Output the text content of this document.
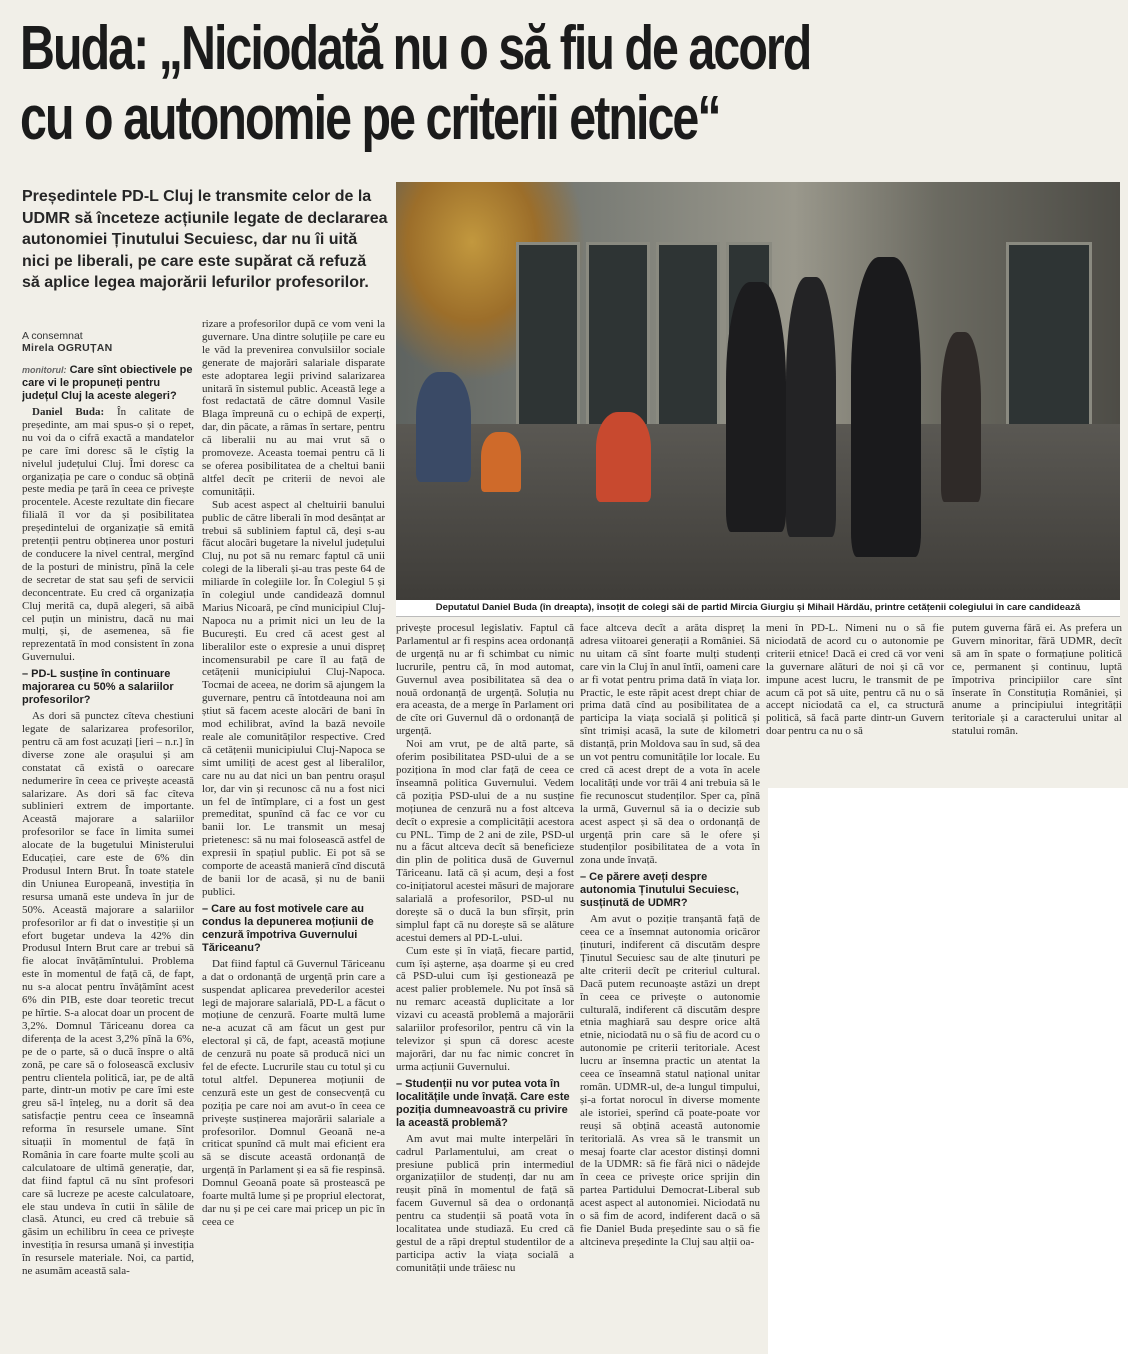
Buda: „Niciodată nu o să fiu de acord
cu o autonomie pe criterii etnice“
Președintele PD-L Cluj le transmite celor de la UDMR să înceteze acțiunile legate de declararea autonomiei Ținutului Secuiesc, dar nu îi uită nici pe liberali, pe care este supărat că refuză să aplice legea majorării lefurilor profesorilor.
Deputatul Daniel Buda (în dreapta), însoțit de colegi săi de partid Mircia Giurgiu și Mihail Hărdău, printre cetățenii colegiului în care candidează
A consemnat
Mirela OGRUȚAN

monitorul: Care sînt obiectivele pe care vi le propuneți pentru județul Cluj la aceste alegeri?

Daniel Buda: În calitate de președinte, am mai spus-o și o repet, nu voi da o cifră exactă a mandatelor pe care îmi doresc să le cîștig la nivelul județului Cluj. Îmi doresc ca organizația pe care o conduc să obțină peste media pe țară în ceea ce privește procentele. Aceste rezultate din fiecare filială îl vor da și posibilitatea președintelui de organizație să emită pretenții pentru obținerea unor posturi de conducere la nivel central, mergînd de la posturi de ministru, pînă la cele de secretar de stat sau șefi de servicii deconcentrate. Eu cred că organizația Cluj merită ca, după alegeri, să aibă cel puțin un ministru, dacă nu mai mulți, și, de asemenea, să fie reprezentată în mod consistent în zona Guvernului.

– PD-L susține în continuare majorarea cu 50% a salariilor profesorilor?

As dori să punctez cîteva chestiuni legate de salarizarea profesorilor, pentru că am fost acuzați [ieri – n.r.] în diverse zone ale orașului și am constatat că există o oarecare nedumerire în ceea ce privește această salarizare. As dori să fac cîteva sublinieri extrem de importante. Această majorare a salariilor profesorilor se face în limita sumei alocate de la bugetului Ministerului Educației, care este de 6% din Produsul Intern Brut. În toate statele din Uniunea Europeană, investiția în resursa umană este undeva în jur de 50%. Această majorare a salariilor profesorilor ar fi dat o investiție și un efort bugetar undeva la 42% din Produsul Intern Brut care ar trebui să fie alocat învățămîntului. Problema este în momentul de față că, de fapt, nu s-a alocat pentru învățămînt acest 6% din PIB, este doar teoretic trecut pe hîrtie. S-a alocat doar un procent de 3,2%. Domnul Tăriceanu dorea ca diferența de la acest 3,2% pînă la 6%, pe de o parte, să o ducă înspre o altă zonă, pe care să o folosească exclusiv pentru clientela politică, iar, pe de altă parte, dintr-un motiv pe care îmi este greu să-l înțeleg, nu a dorit să dea satisfacție pentru ceea ce înseamnă reforma în resursele umane. Sînt situații în momentul de față în România în care foarte multe școli au calculatoare de ultimă generație, dar, dat fiind faptul că nu sînt profesori care să lucreze pe aceste calculatoare, ele stau undeva în cutii în sălile de clasă. Atunci, eu cred că trebuie să găsim un echilibru în ceea ce privește investiția în resursa umană și investiția în resursele materiale. Noi, ca partid, ne asumăm această sala-

rizare a profesorilor după ce vom veni la guvernare. Una dintre soluțiile pe care eu le văd la prevenirea convulsiilor sociale generate de majorări salariale disparate este adoptarea legii privind salarizarea unitară în sistemul public. Această lege a fost redactată de către domnul Vasile Blaga împreună cu o echipă de experți, dar, din păcate, a rămas în sertare, pentru că liberalii nu au mai vrut să o promoveze. Aceasta toemai pentru că li se oferea posibilitatea de a cheltui banii altfel decît pe criterii de nevoi ale comunității.

Sub acest aspect al cheltuirii banului public de către liberali în mod desănțat ar trebui să subliniem faptul că, deși s-au făcut alocări bugetare la nivelul județului Cluj, nu pot să nu remarc faptul că unii colegi de la liberali și-au tras peste 64 de miliarde în colegiile lor. În Colegiul 5 și în colegiul unde candidează domnul Marius Nicoară, pe cînd municipiul Cluj-Napoca nu a primit nici un leu de la București. Eu cred că acest gest al liberalilor este o expresie a unui dispreț incomensurabil pe care îl au față de cetățenii municipiului Cluj-Napoca. Tocmai de aceea, ne dorim să ajungem la guvernare, pentru că întotdeauna noi am știut să facem aceste alocări de bani în mod echilibrat, avînd la bază nevoile reale ale comunităților respective. Cred că cetățenii municipiului Cluj-Napoca se simt umiliți de acest gest al liberalilor, care nu au dat nici un ban pentru orașul lor, dar vin și recunosc că nu a fost nici un fel de întîmplare, ci a fost un gest premeditat, spunînd că fac ce vor cu banii lor. Le transmit un mesaj prietenesc: să nu mai folosească astfel de expresii în spațiul public. Ei pot să se comporte de această manieră cînd discută de banii lor de acasă, și nu de banii publici.

– Care au fost motivele care au condus la depunerea moțiunii de cenzură împotriva Guvernului Tăriceanu?

Dat fiind faptul că Guvernul Tăriceanu a dat o ordonanță de urgență prin care a suspendat aplicarea prevederilor acestei legi de majorare salarială, PD-L a făcut o moțiune de cenzură. Foarte multă lume ne-a acuzat că am făcut un gest pur electoral și că, de fapt, această moțiune de cenzură nu poate să producă nici un fel de efecte. Lucrurile stau cu totul și cu totul altfel. Depunerea moțiunii de cenzură este un gest de consecvență cu poziția pe care noi am avut-o în ceea ce privește susținerea majorării salariale a profesorilor. Domnul Geoană ne-a criticat spunînd că mult mai eficient era să se discute această ordonanță de urgență în Parlament și ea să fie respinsă. Domnul Geoană poate să prostească pe foarte multă lume și pe propriul electorat, dar nu și pe cei care mai pricep un pic în ceea ce

privește procesul legislativ. Faptul că Parlamentul ar fi respins acea ordonanță de urgență nu ar fi schimbat cu nimic lucrurile, pentru că, în mod automat, Guvernul avea posibilitatea să dea o nouă ordonanță de urgență. Soluția nu era aceasta, de a merge în Parlament ori de cîte ori Guvernul dă o ordonanță de urgență.

Noi am vrut, pe de altă parte, să oferim posibilitatea PSD-ului de a se poziționa în mod clar față de ceea ce înseamnă politica Guvernului. Vedem că poziția PSD-ului de a nu susține moțiunea de cenzură nu a fost altceva decît o expresie a complicității acestora cu PNL. Timp de 2 ani de zile, PSD-ul nu a făcut altceva decît să beneficieze din plin de politica dusă de Guvernul Tăriceanu. Iată că și acum, deși a fost co-inițiatorul acestei măsuri de majorare salarială a profesorilor, PSD-ul nu dorește să o ducă la bun sfîrșit, prin simplul fapt că nu dorește să se alăture acestui demers al PD-L-ului.

Cum este și în viață, fiecare partid, cum își așterne, așa doarme și eu cred că PSD-ului cum își gestionează pe acest palier problemele. Nu pot însă să nu remarc această duplicitate a lor vizavi cu această problemă a majorării salariilor profesorilor, pentru că vin la televizor și spun că doresc aceste majorări, dar nu fac nimic concret în urma acțiunii Guvernului.

– Studenții nu vor putea vota în localitățile unde învață. Care este poziția dumneavoastră cu privire la această problemă?

Am avut mai multe interpelări în cadrul Parlamentului, am creat o presiune publică prin intermediul organizațiilor de studenți, dar nu am reușit pînă în momentul de față să facem Guvernul să dea o ordonanță pentru ca studenții să poată vota în localitatea unde studiază. Eu cred că gestul de a răpi dreptul studentilor de a participa activ la viața socială a comunității unde trăiesc nu

face altceva decît a arăta dispreț la adresa viitoarei generații a României. Să nu uitam că sînt foarte mulți studenți care vin la Cluj în anul întîi, oameni care ar fi votat pentru prima dată în viața lor. Practic, le este răpit acest drept chiar de prima dată cînd au posibilitatea de a participa la viața socială și politică și sînt trimiși acasă, la sute de kilometri distanță, prin Moldova sau în sud, să dea un vot pentru comunitățile lor locale. Eu cred că acest drept de a vota în acele localități unde vor trăi 4 ani trebuia să le fie recunoscut studenților. Sper ca, pînă la urmă, Guvernul să ia o decizie sub acest aspect și să dea o ordonanță de urgență prin care să le ofere și studenților posibilitatea de a vota în zona unde învață.

– Ce părere aveți despre autonomia Ținutului Secuiesc, susținută de UDMR?

Am avut o poziție tranșantă față de ceea ce a însemnat autonomia oricăror ținuturi, indiferent că discutăm despre Ținutul Secuiesc sau de alte ținuturi pe alte criterii decît pe criteriul cultural. Dacă putem recunoaște astăzi un drept în ceea ce privește o autonomie culturală, indiferent că discutăm despre etnia maghiară sau despre orice altă etnie, niciodată nu o să fiu de acord cu o autonomie pe criterii teritoriale. Acest lucru ar însemna practic un atentat la ceea ce înseamnă statul național unitar român. UDMR-ul, de-a lungul timpului, și-a fortat norocul în diverse momente ale istoriei, sperînd că poate-poate vor reuși să obțină această autonomie teritorială. As vrea să le transmit un mesaj foarte clar acestor distinși domni de la UDMR: să fie fără nici o nădejde în ceea ce privește orice sprijin din partea Partidului Democrat-Liberal sub acest aspect al autonomiei. Niciodată nu o să fim de acord, indiferent dacă o să fie Daniel Buda președinte sau o să fie altcineva președinte la Cluj sau alții oa-

meni în PD-L. Nimeni nu o să fie niciodată de acord cu o autonomie pe criterii etnice! Dacă ei cred că vor veni la guvernare alături de noi și că vor impune acest lucru, le transmit de pe acum că pot să uite, pentru că nu o să accept niciodată ca el, ca structură politică, să facă parte dintr-un Guvern doar pentru ca nu o să

putem guverna fără ei. As prefera un Guvern minoritar, fără UDMR, decît să am în spate o formațiune politică ce, permanent și continuu, luptă împotriva principiilor care sînt înserate în Constituția României, și anume a principiului integrității teritoriale și a caracterului unitar al statului român.
